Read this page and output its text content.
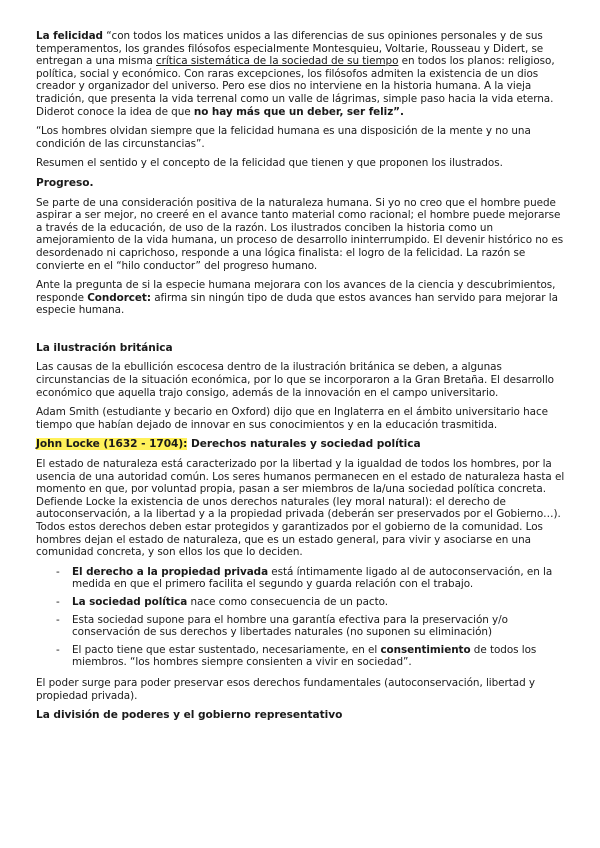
La felicidad “con todos los matices unidos a las diferencias de sus opiniones personales y de sus temperamentos, los grandes filósofos especialmente Montesquieu, Voltarie, Rousseau y Didert, se entregan a una misma crítica sistemática de la sociedad de su tiempo en todos los planos: religioso, política, social y económico. Con raras excepciones, los filósofos admiten la existencia de un dios creador y organizador del universo. Pero ese dios no interviene en la historia humana. A la vieja tradición, que presenta la vida terrenal como un valle de lágrimas, simple paso hacia la vida eterna. Diderot conoce la idea de que no hay más que un deber, ser feliz”.

“Los hombres olvidan siempre que la felicidad humana es una disposición de la mente y no una condición de las circunstancias”.

Resumen el sentido y el concepto de la felicidad que tienen y que proponen los ilustrados.

Progreso.

Se parte de una consideración positiva de la naturaleza humana. Si yo no creo que el hombre puede aspirar a ser mejor, no creeré en el avance tanto material como racional; el hombre puede mejorarse a través de la educación, de uso de la razón. Los ilustrados conciben la historia como un amejoramiento de la vida humana, un proceso de desarrollo ininterrumpido. El devenir histórico no es desordenado ni caprichoso, responde a una lógica finalista: el logro de la felicidad. La razón se convierte en el “hilo conductor” del progreso humano.

Ante la pregunta de si la especie humana mejorara con los avances de la ciencia y descubrimientos, responde Condorcet: afirma sin ningún tipo de duda que estos avances han servido para mejorar la especie humana.

La ilustración británica

Las causas de la ebullición escocesa dentro de la ilustración británica se deben, a algunas circunstancias de la situación económica, por lo que se incorporaron a la Gran Bretaña. El desarrollo económico que aquella trajo consigo, además de la innovación en el campo universitario.

Adam Smith (estudiante y becario en Oxford) dijo que en Inglaterra en el ámbito universitario hace tiempo que habían dejado de innovar en sus conocimientos y en la educación trasmitida.

John Locke (1632 - 1704): Derechos naturales y sociedad política

El estado de naturaleza está caracterizado por la libertad y la igualdad de todos los hombres, por la usencia de una autoridad común. Los seres humanos permanecen en el estado de naturaleza hasta el momento en que, por voluntad propia, pasan a ser miembros de la/una sociedad política concreta. Defiende Locke la existencia de unos derechos naturales (ley moral natural): el derecho de autoconservación, a la libertad y a la propiedad privada (deberán ser preservados por el Gobierno…). Todos estos derechos deben estar protegidos y garantizados por el gobierno de la comunidad. Los hombres dejan el estado de naturaleza, que es un estado general, para vivir y asociarse en una comunidad concreta, y son ellos los que lo deciden.

- El derecho a la propiedad privada está íntimamente ligado al de autoconservación, en la medida en que el primero facilita el segundo y guarda relación con el trabajo.
- La sociedad política nace como consecuencia de un pacto.
- Esta sociedad supone para el hombre una garantía efectiva para la preservación y/o conservación de sus derechos y libertades naturales (no suponen su eliminación)
- El pacto tiene que estar sustentado, necesariamente, en el consentimiento de todos los miembros. “los hombres siempre consienten a vivir en sociedad”.

El poder surge para poder preservar esos derechos fundamentales (autoconservación, libertad y propiedad privada).

La división de poderes y el gobierno representativo
